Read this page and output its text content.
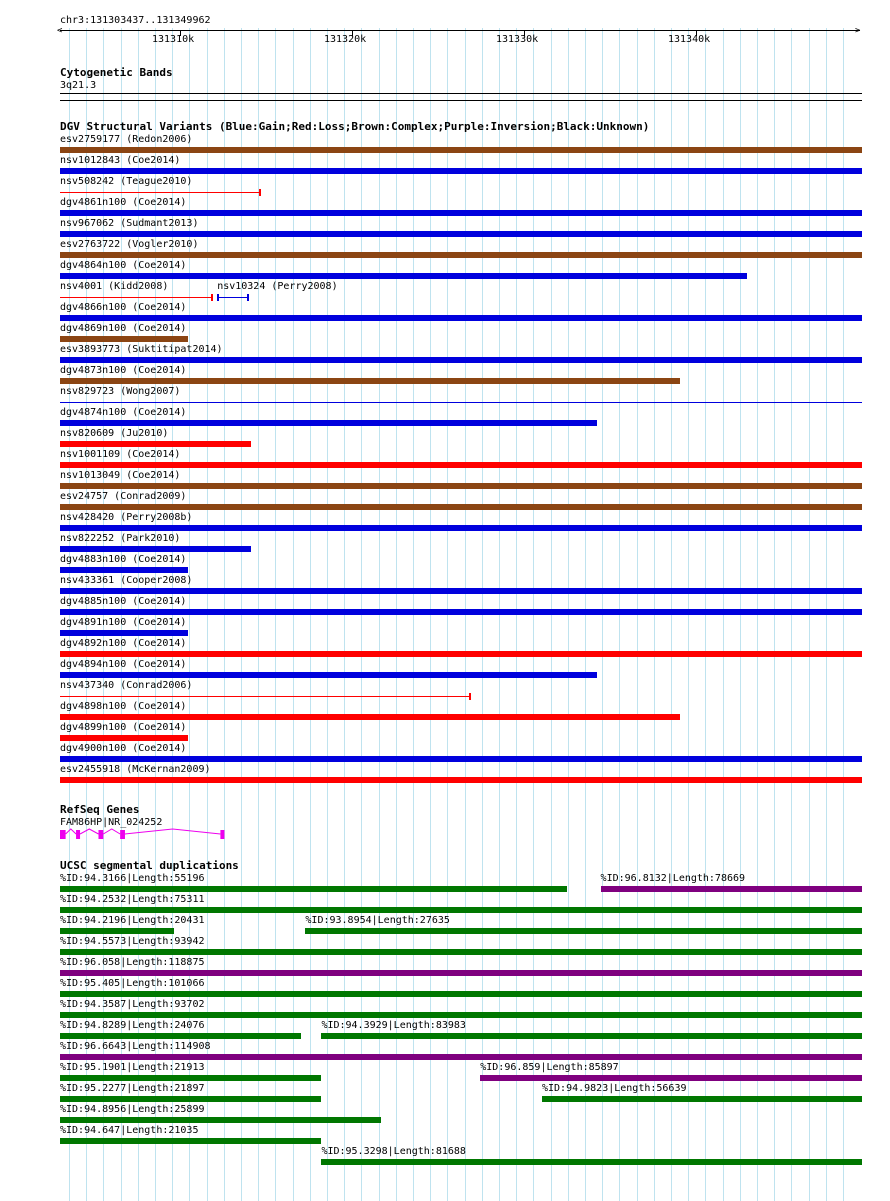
chr3:131303437..131349962
<	>
131310k	131320k	131330k	131340k
Cytogenetic Bands
3q21.3
DGV Structural Variants (Blue:Gain;Red:Loss;Brown:Complex;Purple:Inversion;Black:Unknown)
esv2759177 (Redon2006)
nsv1012843 (Coe2014)
nsv508242 (Teague2010)
dgv4861n100 (Coe2014)
nsv967062 (Sudmant2013)
esv2763722 (Vogler2010)
dgv4864n100 (Coe2014)
nsv4001 (Kidd2008)	nsv10324 (Perry2008)
dgv4866n100 (Coe2014)
dgv4869n100 (Coe2014)
esv3893773 (Suktitipat2014)
dgv4873n100 (Coe2014)
nsv829723 (Wong2007)
dgv4874n100 (Coe2014)
nsv820609 (Ju2010)
nsv1001109 (Coe2014)
nsv1013049 (Coe2014)
esv24757 (Conrad2009)
nsv428420 (Perry2008b)
nsv822252 (Park2010)
dgv4883n100 (Coe2014)
nsv433361 (Cooper2008)
dgv4885n100 (Coe2014)
dgv4891n100 (Coe2014)
dgv4892n100 (Coe2014)
dgv4894n100 (Coe2014)
nsv437340 (Conrad2006)
dgv4898n100 (Coe2014)
dgv4899n100 (Coe2014)
dgv4900n100 (Coe2014)
esv2455918 (McKernan2009)
RefSeq Genes
FAM86HP|NR_024252
UCSC segmental duplications
%ID:94.3166|Length:55196	%ID:96.8132|Length:78669
%ID:94.2532|Length:75311
%ID:94.2196|Length:20431	%ID:93.8954|Length:27635
%ID:94.5573|Length:93942
%ID:96.058|Length:118875
%ID:95.405|Length:101066
%ID:94.3587|Length:93702
%ID:94.8289|Length:24076	%ID:94.3929|Length:83983
%ID:96.6643|Length:114908
%ID:95.1901|Length:21913	%ID:96.859|Length:85897
%ID:95.2277|Length:21897	%ID:94.9823|Length:56639
%ID:94.8956|Length:25899
%ID:94.647|Length:21035
%ID:95.3298|Length:81688
